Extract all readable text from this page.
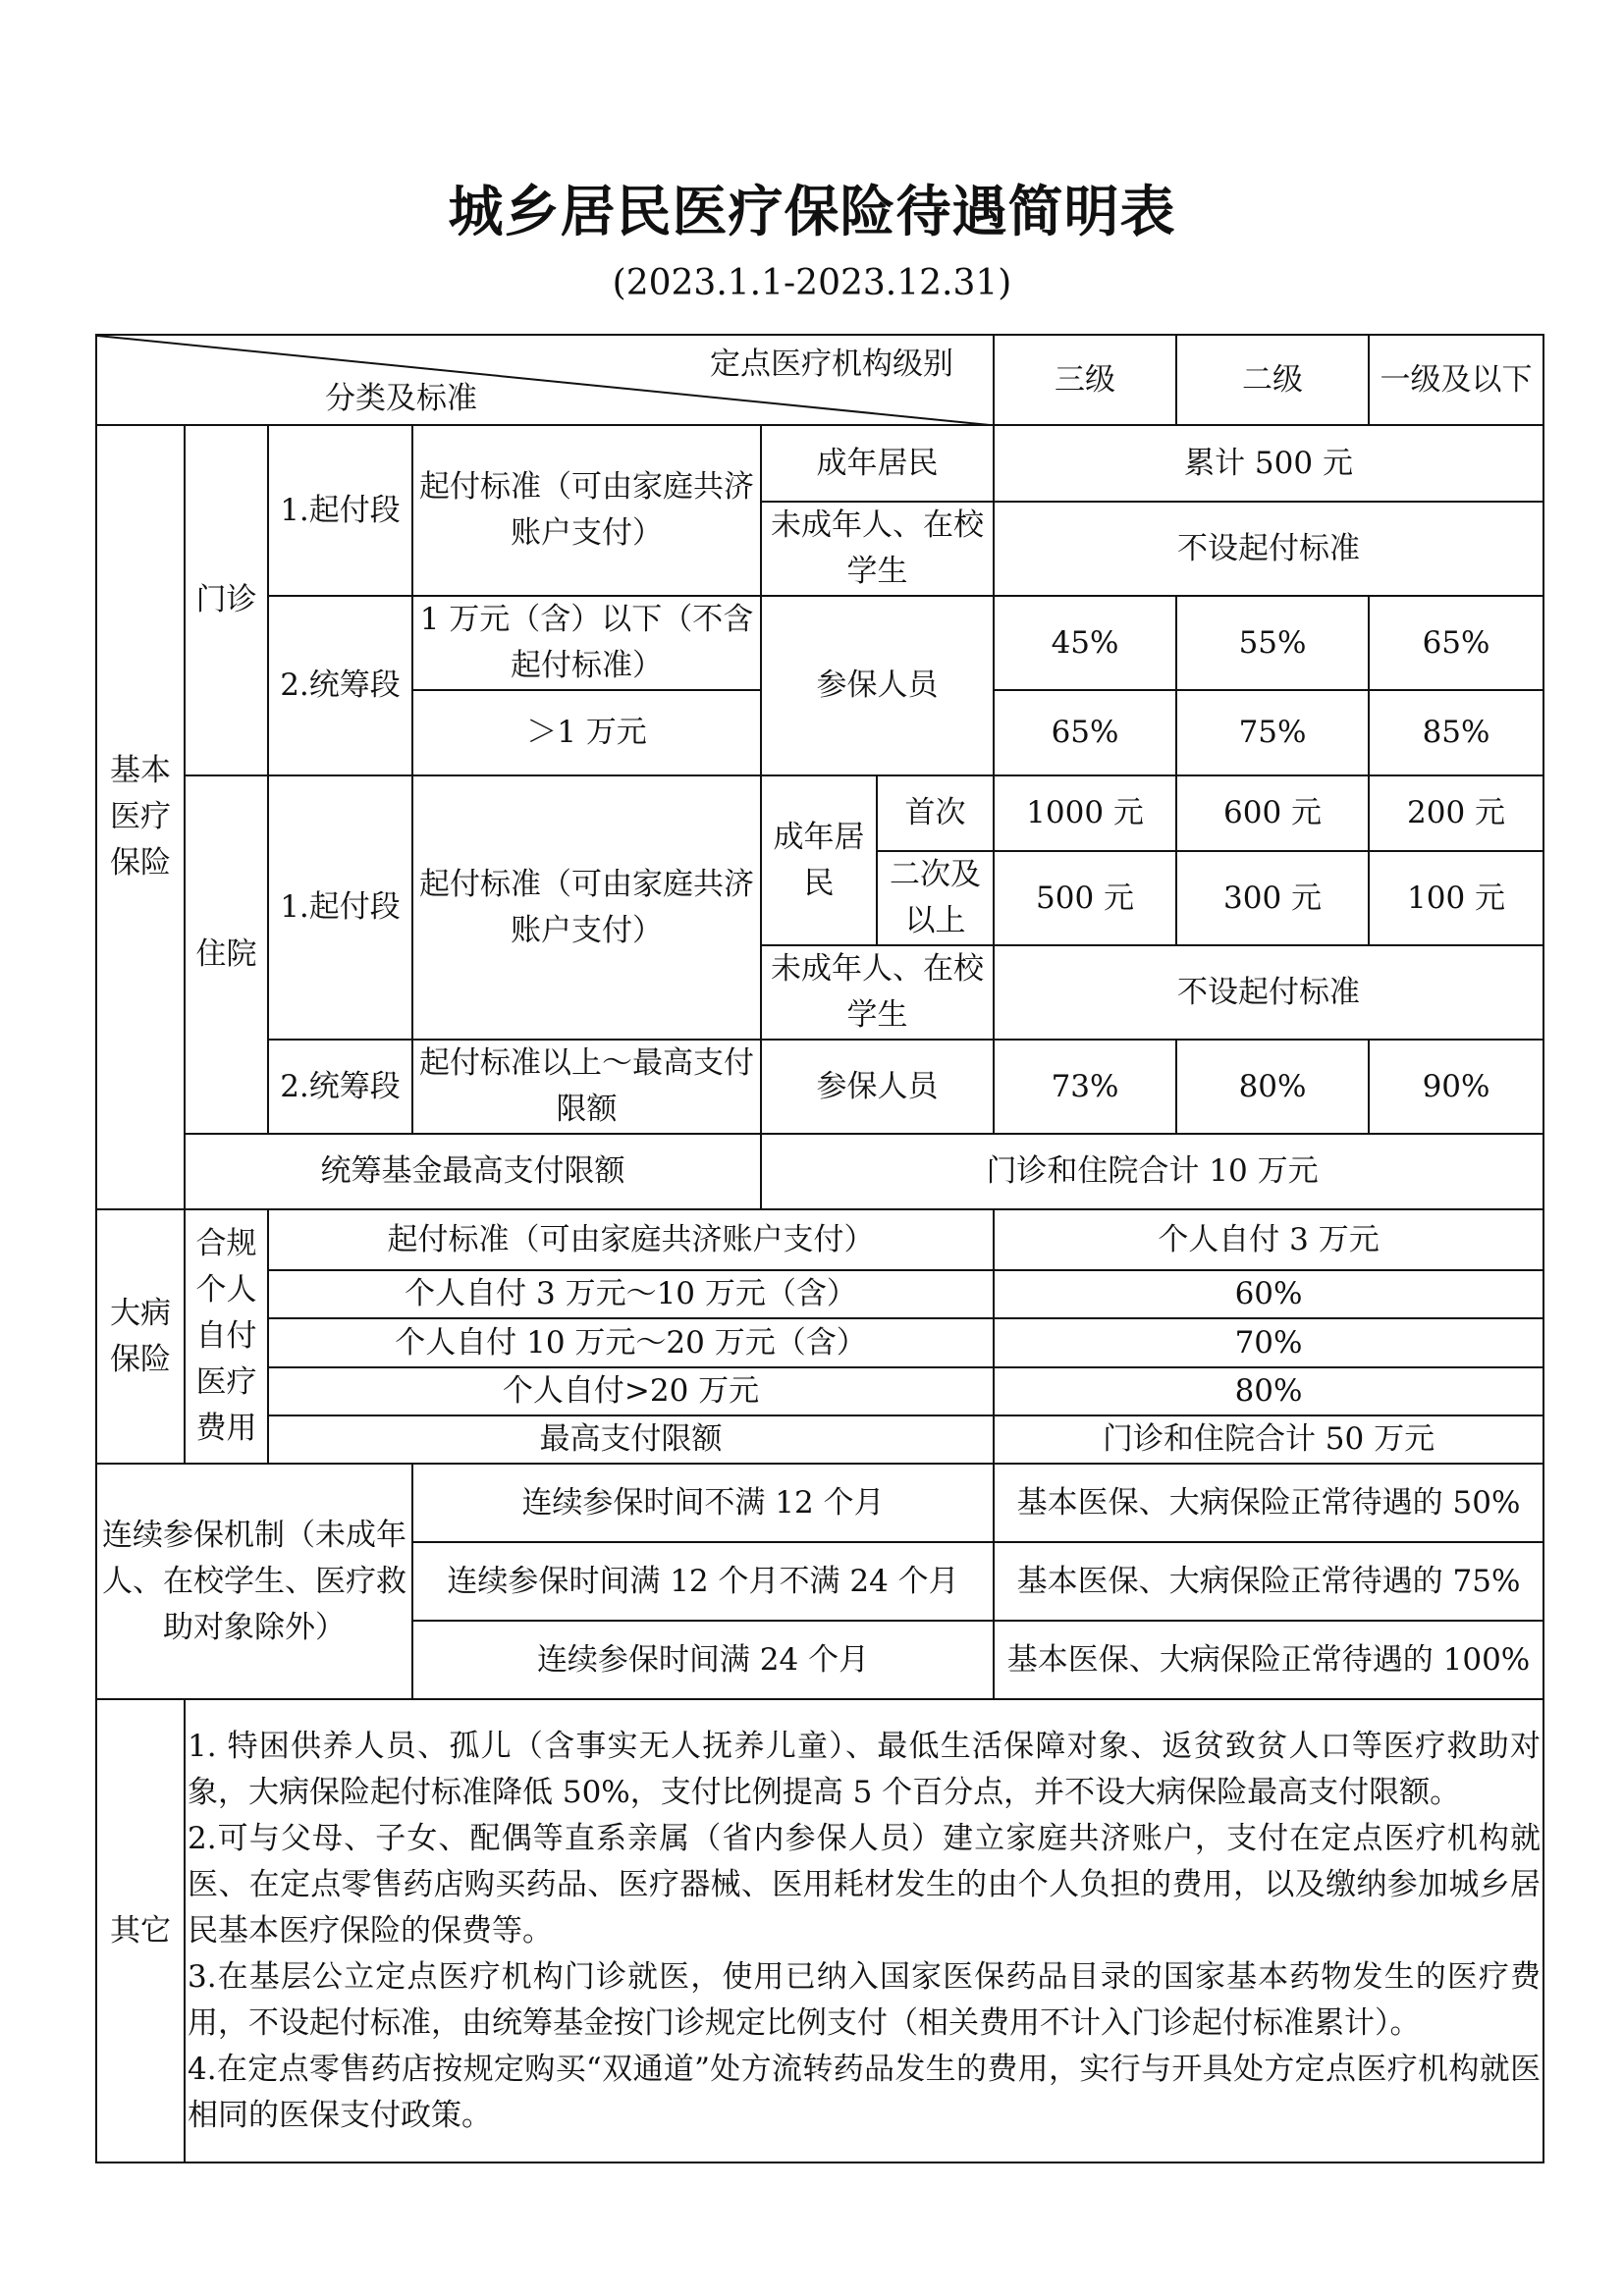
城乡居民医疗保险待遇简明表
(2023.1.1-2023.12.31)
定点医疗机构级别
分类及标准						三级	二级	一级及以下
基本医疗保险	门诊	1.起付段	起付标准（可由家庭共济账户支付）	成年居民		累计 500 元		
				未成年人、在校学生		不设起付标准		
		2.统筹段	1 万元（含）以下（不含起付标准）	参保人员		45%	55%	65%
			＞1 万元			65%	75%	85%
	住院	1.起付段	起付标准（可由家庭共济账户支付）	成年居民	首次	1000 元	600 元	200 元
					二次及以上	500 元	300 元	100 元
				未成年人、在校学生		不设起付标准		
		2.统筹段	起付标准以上～最高支付限额	参保人员		73%	80%	90%
	统筹基金最高支付限额			门诊和住院合计 10 万元				
大病保险	合规个人自付医疗费用	起付标准（可由家庭共济账户支付）				个人自付 3 万元		
		个人自付 3 万元～10 万元（含）				60%		
		个人自付 10 万元～20 万元（含）				70%		
		个人自付>20 万元				80%		
		最高支付限额				门诊和住院合计 50 万元		
连续参保机制（未成年人、在校学生、医疗救助对象除外）			连续参保时间不满 12 个月			基本医保、大病保险正常待遇的 50%		
			连续参保时间满 12 个月不满 24 个月			基本医保、大病保险正常待遇的 75%		
			连续参保时间满 24 个月			基本医保、大病保险正常待遇的 100%		
其它	1. 特困供养人员、孤儿（含事实无人抚养儿童）、最低生活保障对象、返贫致贫人口等医疗救助对象，大病保险起付标准降低 50%，支付比例提高 5 个百分点，并不设大病保险最高支付限额。

2.可与父母、子女、配偶等直系亲属（省内参保人员）建立家庭共济账户，支付在定点医疗机构就医、在定点零售药店购买药品、医疗器械、医用耗材发生的由个人负担的费用，以及缴纳参加城乡居民基本医疗保险的保费等。

3.在基层公立定点医疗机构门诊就医，使用已纳入国家医保药品目录的国家基本药物发生的医疗费用，不设起付标准，由统筹基金按门诊规定比例支付（相关费用不计入门诊起付标准累计）。

4.在定点零售药店按规定购买“双通道”处方流转药品发生的费用，实行与开具处方定点医疗机构就医相同的医保支付政策。							
